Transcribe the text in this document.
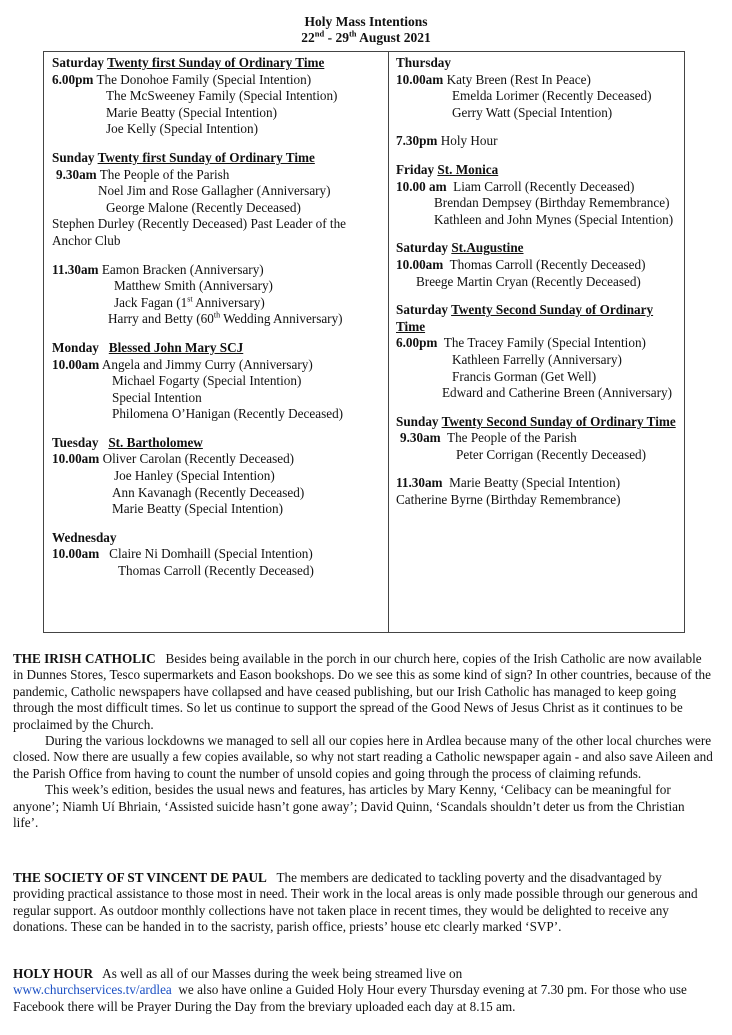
Holy Mass Intentions
22nd - 29th August 2021
Saturday Twenty first Sunday of Ordinary Time
6.00pm The Donohoe Family (Special Intention)
The McSweeney Family (Special Intention)
Marie Beatty (Special Intention)
Joe Kelly (Special Intention)
Sunday Twenty first Sunday of Ordinary Time
9.30am The People of the Parish
Noel Jim and Rose Gallagher (Anniversary)
George Malone (Recently Deceased)
Stephen Durley (Recently Deceased) Past Leader of the Anchor Club
11.30am Eamon Bracken (Anniversary)
Matthew Smith (Anniversary)
Jack Fagan (1st Anniversary)
Harry and Betty (60th Wedding Anniversary)
Monday Blessed John Mary SCJ
10.00am Angela and Jimmy Curry (Anniversary)
Michael Fogarty (Special Intention)
Special Intention
Philomena O’Hanigan (Recently Deceased)
Tuesday St. Bartholomew
10.00am Oliver Carolan (Recently Deceased)
Joe Hanley (Special Intention)
Ann Kavanagh (Recently Deceased)
Marie Beatty (Special Intention)
Wednesday
10.00am Claire Ni Domhaill (Special Intention)
Thomas Carroll (Recently Deceased)
Thursday
10.00am Katy Breen (Rest In Peace)
Emelda Lorimer (Recently Deceased)
Gerry Watt (Special Intention)
7.30pm Holy Hour
Friday St. Monica
10.00 am Liam Carroll (Recently Deceased)
Brendan Dempsey (Birthday Remembrance)
Kathleen and John Mynes (Special Intention)
Saturday St.Augustine
10.00am Thomas Carroll (Recently Deceased)
Breege Martin Cryan (Recently Deceased)
Saturday Twenty Second Sunday of Ordinary Time
6.00pm The Tracey Family (Special Intention)
Kathleen Farrelly (Anniversary)
Francis Gorman (Get Well)
Edward and Catherine Breen (Anniversary)
Sunday Twenty Second Sunday of Ordinary Time
9.30am The People of the Parish
Peter Corrigan (Recently Deceased)
11.30am Marie Beatty (Special Intention)
Catherine Byrne (Birthday Remembrance)

THE IRISH CATHOLIC Besides being available in the porch in our church here, copies of the Irish Catholic are now available in Dunnes Stores, Tesco supermarkets and Eason bookshops. Do we see this as some kind of sign? In other countries, because of the pandemic, Catholic newspapers have collapsed and have ceased publishing, but our Irish Catholic has managed to keep going through the most difficult times. So let us continue to support the spread of the Good News of Jesus Christ as it continues to be proclaimed by the Church.

During the various lockdowns we managed to sell all our copies here in Ardlea because many of the other local churches were closed. Now there are usually a few copies available, so why not start reading a Catholic newspaper again - and also save Aileen and the Parish Office from having to count the number of unsold copies and going through the process of claiming refunds.

This week’s edition, besides the usual news and features, has articles by Mary Kenny, ‘Celibacy can be meaningful for anyone’; Niamh Uí Bhriain, ‘Assisted suicide hasn’t gone away’; David Quinn, ‘Scandals shouldn’t deter us from the Christian life’.

THE SOCIETY OF ST VINCENT DE PAUL The members are dedicated to tackling poverty and the disadvantaged by providing practical assistance to those most in need. Their work in the local areas is only made possible through our generous and regular support. As outdoor monthly collections have not taken place in recent times, they would be delighted to receive any donations. These can be handed in to the sacristy, parish office, priests’ house etc clearly marked ‘SVP’.

HOLY HOUR As well as all of our Masses during the week being streamed live on
www.churchservices.tv/ardlea we also have online a Guided Holy Hour every Thursday evening at 7.30 pm. For those who use Facebook there will be Prayer During the Day from the breviary uploaded each day at 8.15 am.
